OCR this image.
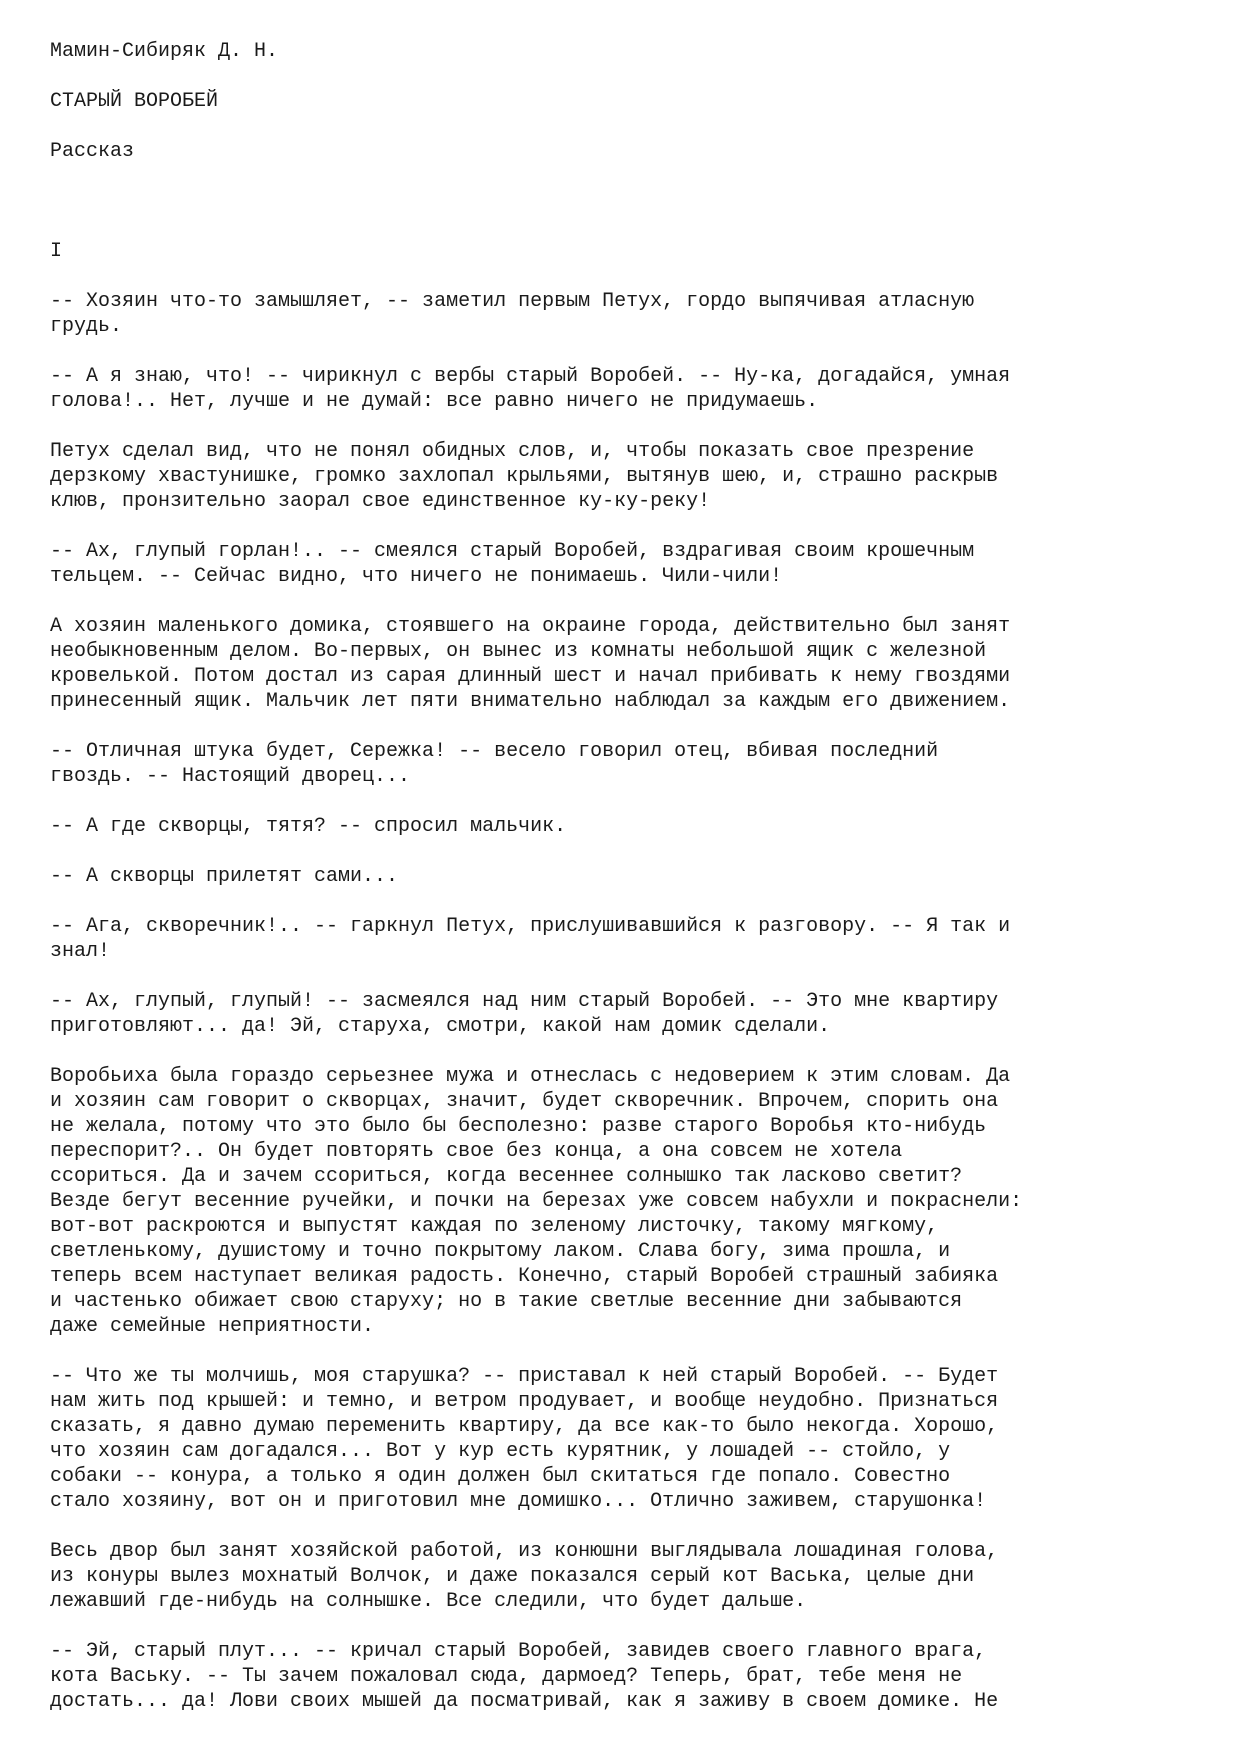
Мамин-Сибиряк Д. Н.
СТАРЫЙ ВОРОБЕЙ
Рассказ
I
-- Хозяин что-то замышляет, -- заметил первым Петух, гордо выпячивая атласную
грудь.
-- А я знаю, что! -- чирикнул с вербы старый Воробей. -- Ну-ка, догадайся, умная
голова!.. Нет, лучше и не думай: все равно ничего не придумаешь.
Петух сделал вид, что не понял обидных слов, и, чтобы показать свое презрение
дерзкому хвастунишке, громко захлопал крыльями, вытянув шею, и, страшно раскрыв
клюв, пронзительно заорал свое единственное ку-ку-реку!
-- Ах, глупый горлан!.. -- смеялся старый Воробей, вздрагивая своим крошечным
тельцем. -- Сейчас видно, что ничего не понимаешь. Чили-чили!
А хозяин маленького домика, стоявшего на окраине города, действительно был занят
необыкновенным делом. Во-первых, он вынес из комнаты небольшой ящик с железной
кровелькой. Потом достал из сарая длинный шест и начал прибивать к нему гвоздями
принесенный ящик. Мальчик лет пяти внимательно наблюдал за каждым его движением.
-- Отличная штука будет, Сережка! -- весело говорил отец, вбивая последний
гвоздь. -- Настоящий дворец...
-- А где скворцы, тятя? -- спросил мальчик.
-- А скворцы прилетят сами...
-- Ага, скворечник!.. -- гаркнул Петух, прислушивавшийся к разговору. -- Я так и
знал!
-- Ах, глупый, глупый! -- засмеялся над ним старый Воробей. -- Это мне квартиру
приготовляют... да! Эй, старуха, смотри, какой нам домик сделали.
Воробьиха была гораздо серьезнее мужа и отнеслась с недоверием к этим словам. Да
и хозяин сам говорит о скворцах, значит, будет скворечник. Впрочем, спорить она
не желала, потому что это было бы бесполезно: разве старого Воробья кто-нибудь
переспорит?.. Он будет повторять свое без конца, а она совсем не хотела
ссориться. Да и зачем ссориться, когда весеннее солнышко так ласково светит?
Везде бегут весенние ручейки, и почки на березах уже совсем набухли и покраснели:
вот-вот раскроются и выпустят каждая по зеленому листочку, такому мягкому,
светленькому, душистому и точно покрытому лаком. Слава богу, зима прошла, и
теперь всем наступает великая радость. Конечно, старый Воробей страшный забияка
и частенько обижает свою старуху; но в такие светлые весенние дни забываются
даже семейные неприятности.
-- Что же ты молчишь, моя старушка? -- приставал к ней старый Воробей. -- Будет
нам жить под крышей: и темно, и ветром продувает, и вообще неудобно. Признаться
сказать, я давно думаю переменить квартиру, да все как-то было некогда. Хорошо,
что хозяин сам догадался... Вот у кур есть курятник, у лошадей -- стойло, у
собаки -- конура, а только я один должен был скитаться где попало. Совестно
стало хозяину, вот он и приготовил мне домишко... Отлично заживем, старушонка!
Весь двор был занят хозяйской работой, из конюшни выглядывала лошадиная голова,
из конуры вылез мохнатый Волчок, и даже показался серый кот Васька, целые дни
лежавший где-нибудь на солнышке. Все следили, что будет дальше.
-- Эй, старый плут... -- кричал старый Воробей, завидев своего главного врага,
кота Ваську. -- Ты зачем пожаловал сюда, дармоед? Теперь, брат, тебе меня не
достать... да! Лови своих мышей да посматривай, как я заживу в своем домике. Не
